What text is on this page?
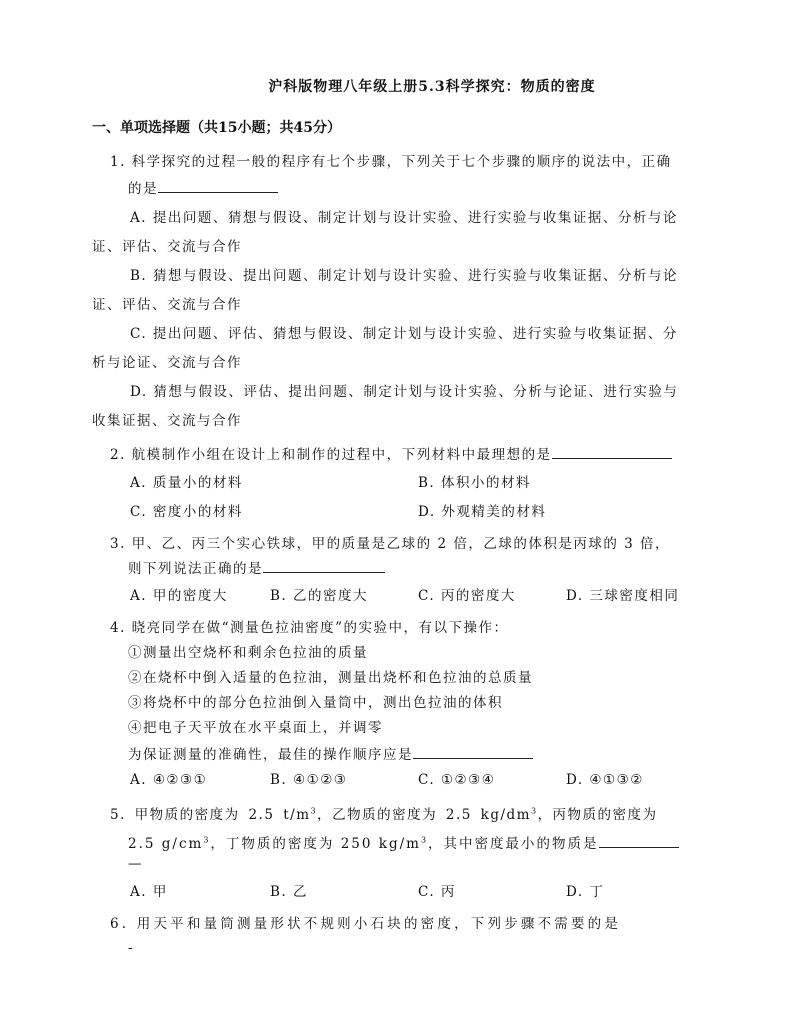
沪科版物理八年级上册5.3科学探究：物质的密度
一、单项选择题（共15小题；共45分）
1. 科学探究的过程一般的程序有七个步骤，下列关于七个步骤的顺序的说法中，正确
的是
A. 提出问题、猜想与假设、制定计划与设计实验、进行实验与收集证据、分析与论
证、评估、交流与合作
B. 猜想与假设、提出问题、制定计划与设计实验、进行实验与收集证据、分析与论
证、评估、交流与合作
C. 提出问题、评估、猜想与假设、制定计划与设计实验、进行实验与收集证据、分
析与论证、交流与合作
D. 猜想与假设、评估、提出问题、制定计划与设计实验、分析与论证、进行实验与
收集证据、交流与合作
2. 航模制作小组在设计上和制作的过程中，下列材料中最理想的是
A. 质量小的材料	B. 体积小的材料
C. 密度小的材料	D. 外观精美的材料
3. 甲、乙、丙三个实心铁球，甲的质量是乙球的 2 倍，乙球的体积是丙球的 3 倍，
则下列说法正确的是
A. 甲的密度大	B. 乙的密度大	C. 丙的密度大	D. 三球密度相同
4. 晓亮同学在做“测量色拉油密度”的实验中，有以下操作：
①测量出空烧杯和剩余色拉油的质量
②在烧杯中倒入适量的色拉油，测量出烧杯和色拉油的总质量
③将烧杯中的部分色拉油倒入量筒中，测出色拉油的体积
④把电子天平放在水平桌面上，并调零
为保证测量的准确性，最佳的操作顺序应是
A. ④②③①	B. ④①②③	C. ①②③④	D. ④①③②
5. 甲物质的密度为 2.5 $t/m^3$，乙物质的密度为 2.5 $kg/dm^3$，丙物质的密度为
2.5 $g/cm^3$，丁物质的密度为 250 $kg/m^3$，其中密度最小的物质是
—
A. 甲	B. 乙	C. 丙	D. 丁
6. 用天平和量筒测量形状不规则小石块的密度，下列步骤不需要的是
-
